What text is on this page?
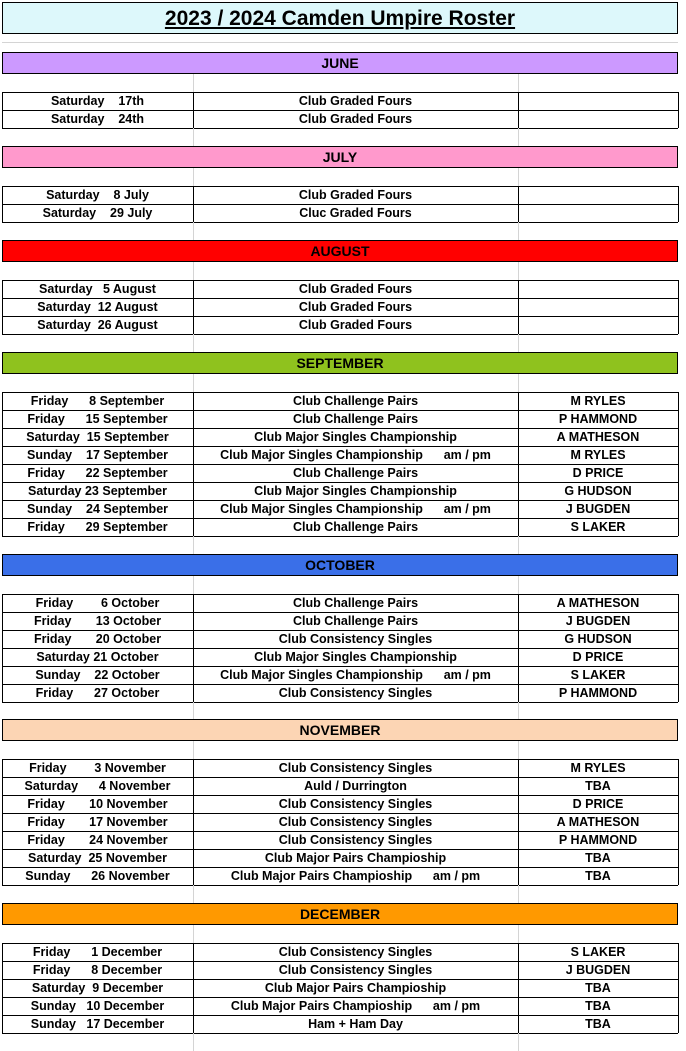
2023 / 2024 Camden Umpire Roster
JUNE
Saturday    17th	Club Graded Fours
Saturday    24th	Club Graded Fours
JULY
Saturday    8 July	Club Graded Fours
Saturday    29 July	Cluc Graded Fours
AUGUST
Saturday   5 August	Club Graded Fours
Saturday  12 August	Club Graded Fours
Saturday  26 August	Club Graded Fours
SEPTEMBER
Friday      8 September	Club Challenge Pairs	M RYLES
Friday      15 September	Club Challenge Pairs	P HAMMOND
Saturday  15 September	Club Major Singles Championship	A MATHESON
Sunday    17 September	Club Major Singles Championship      am / pm	M RYLES
Friday      22 September	Club Challenge Pairs	D PRICE
Saturday 23 September	Club Major Singles Championship	G HUDSON
Sunday    24 September	Club Major Singles Championship      am / pm	J BUGDEN
Friday      29 September	Club Challenge Pairs	S LAKER
OCTOBER
Friday        6 October	Club Challenge Pairs	A MATHESON
Friday       13 October	Club Challenge Pairs	J BUGDEN
Friday       20 October	Club Consistency Singles	G HUDSON
Saturday 21 October	Club Major Singles Championship	D PRICE
Sunday    22 October	Club Major Singles Championship      am / pm	S LAKER
Friday      27 October	Club Consistency Singles	P HAMMOND
NOVEMBER
Friday        3 November	Club Consistency Singles	M RYLES
Saturday      4 November	Auld / Durrington	TBA
Friday       10 November	Club Consistency Singles	D PRICE
Friday       17 November	Club Consistency Singles	A MATHESON
Friday       24 November	Club Consistency Singles	P HAMMOND
Saturday  25 November	Club Major Pairs Champioship	TBA
Sunday      26 November	Club Major Pairs Champioship      am / pm	TBA
DECEMBER
Friday      1 December	Club Consistency Singles	S LAKER
Friday      8 December	Club Consistency Singles	J BUGDEN
Saturday  9 December	Club Major Pairs Champioship	TBA
Sunday   10 December	Club Major Pairs Champioship      am / pm	TBA
Sunday   17 December	Ham + Ham Day	TBA
